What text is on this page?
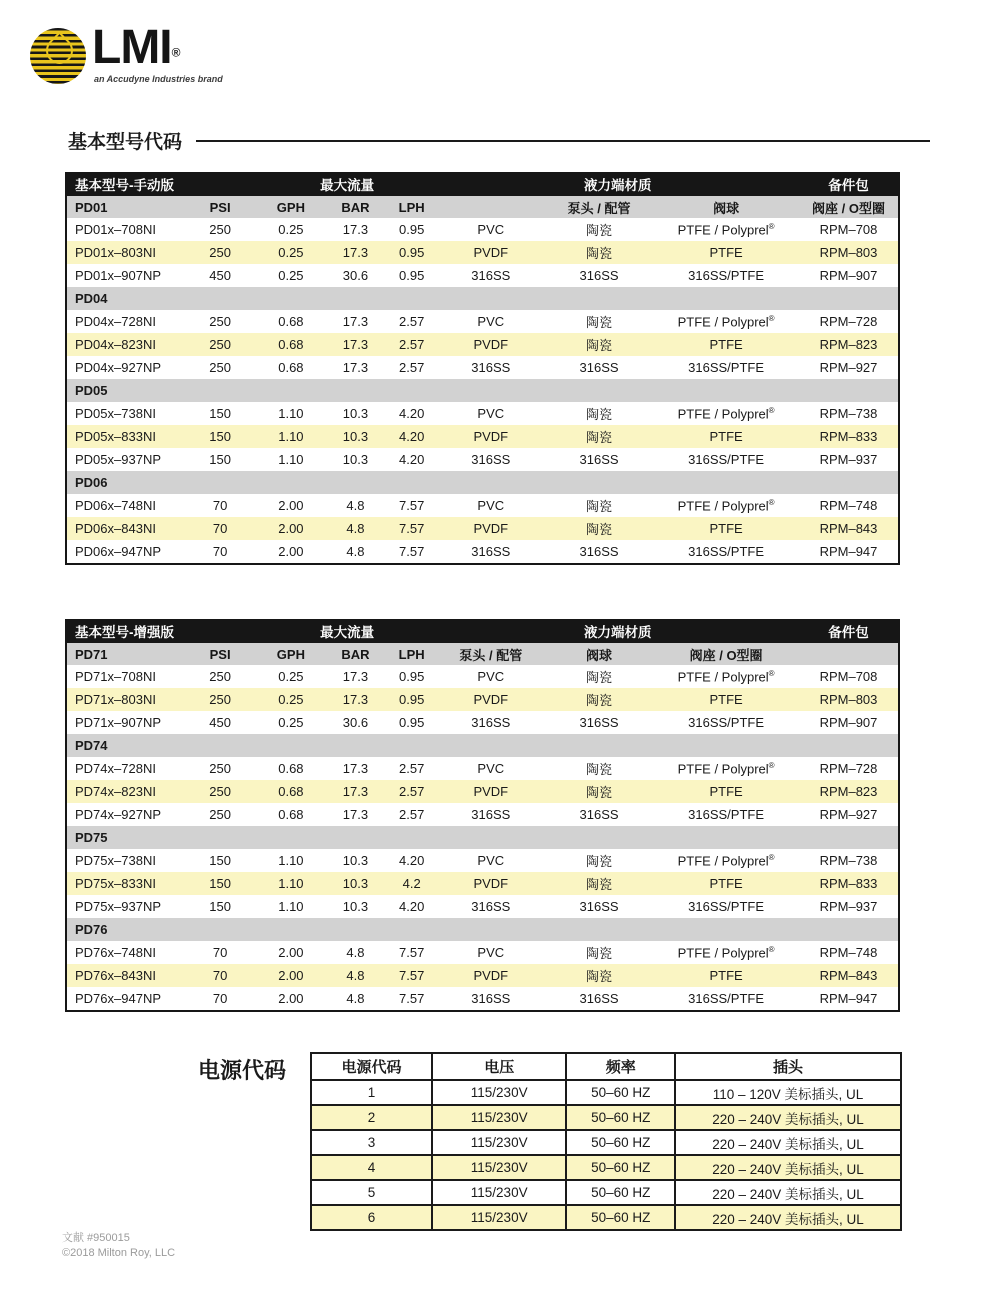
LMI®
an Accudyne Industries brand
基本型号代码
基本型号-手动版		最大流量			液力端材质			备件包
PD01	PSI	GPH	BAR	LPH		泵头 / 配管	阀球	阀座 / O型圈
PD01x–708NI	250	0.25	17.3	0.95	PVC	陶瓷	PTFE / Polyprel®	RPM–708
PD01x–803NI	250	0.25	17.3	0.95	PVDF	陶瓷	PTFE	RPM–803
PD01x–907NP	450	0.25	30.6	0.95	316SS	316SS	316SS/PTFE	RPM–907
PD04								
PD04x–728NI	250	0.68	17.3	2.57	PVC	陶瓷	PTFE / Polyprel®	RPM–728
PD04x–823NI	250	0.68	17.3	2.57	PVDF	陶瓷	PTFE	RPM–823
PD04x–927NP	250	0.68	17.3	2.57	316SS	316SS	316SS/PTFE	RPM–927
PD05								
PD05x–738NI	150	1.10	10.3	4.20	PVC	陶瓷	PTFE / Polyprel®	RPM–738
PD05x–833NI	150	1.10	10.3	4.20	PVDF	陶瓷	PTFE	RPM–833
PD05x–937NP	150	1.10	10.3	4.20	316SS	316SS	316SS/PTFE	RPM–937
PD06								
PD06x–748NI	70	2.00	4.8	7.57	PVC	陶瓷	PTFE / Polyprel®	RPM–748
PD06x–843NI	70	2.00	4.8	7.57	PVDF	陶瓷	PTFE	RPM–843
PD06x–947NP	70	2.00	4.8	7.57	316SS	316SS	316SS/PTFE	RPM–947
基本型号-增强版		最大流量			液力端材质			备件包
PD71	PSI	GPH	BAR	LPH	泵头 / 配管	阀球	阀座 / O型圈	
PD71x–708NI	250	0.25	17.3	0.95	PVC	陶瓷	PTFE / Polyprel®	RPM–708
PD71x–803NI	250	0.25	17.3	0.95	PVDF	陶瓷	PTFE	RPM–803
PD71x–907NP	450	0.25	30.6	0.95	316SS	316SS	316SS/PTFE	RPM–907
PD74								
PD74x–728NI	250	0.68	17.3	2.57	PVC	陶瓷	PTFE / Polyprel®	RPM–728
PD74x–823NI	250	0.68	17.3	2.57	PVDF	陶瓷	PTFE	RPM–823
PD74x–927NP	250	0.68	17.3	2.57	316SS	316SS	316SS/PTFE	RPM–927
PD75								
PD75x–738NI	150	1.10	10.3	4.20	PVC	陶瓷	PTFE / Polyprel®	RPM–738
PD75x–833NI	150	1.10	10.3	4.2	PVDF	陶瓷	PTFE	RPM–833
PD75x–937NP	150	1.10	10.3	4.20	316SS	316SS	316SS/PTFE	RPM–937
PD76								
PD76x–748NI	70	2.00	4.8	7.57	PVC	陶瓷	PTFE / Polyprel®	RPM–748
PD76x–843NI	70	2.00	4.8	7.57	PVDF	陶瓷	PTFE	RPM–843
PD76x–947NP	70	2.00	4.8	7.57	316SS	316SS	316SS/PTFE	RPM–947
电源代码	电源代码	电压	频率	插头
1	115/230V	50–60 HZ	110 – 120V 美标插头, UL
2	115/230V	50–60 HZ	220 – 240V 美标插头, UL
3	115/230V	50–60 HZ	220 – 240V 美标插头, UL
4	115/230V	50–60 HZ	220 – 240V 美标插头, UL
5	115/230V	50–60 HZ	220 – 240V 美标插头, UL
6	115/230V	50–60 HZ	220 – 240V 美标插头, UL
文献 #950015
©2018 Milton Roy, LLC
